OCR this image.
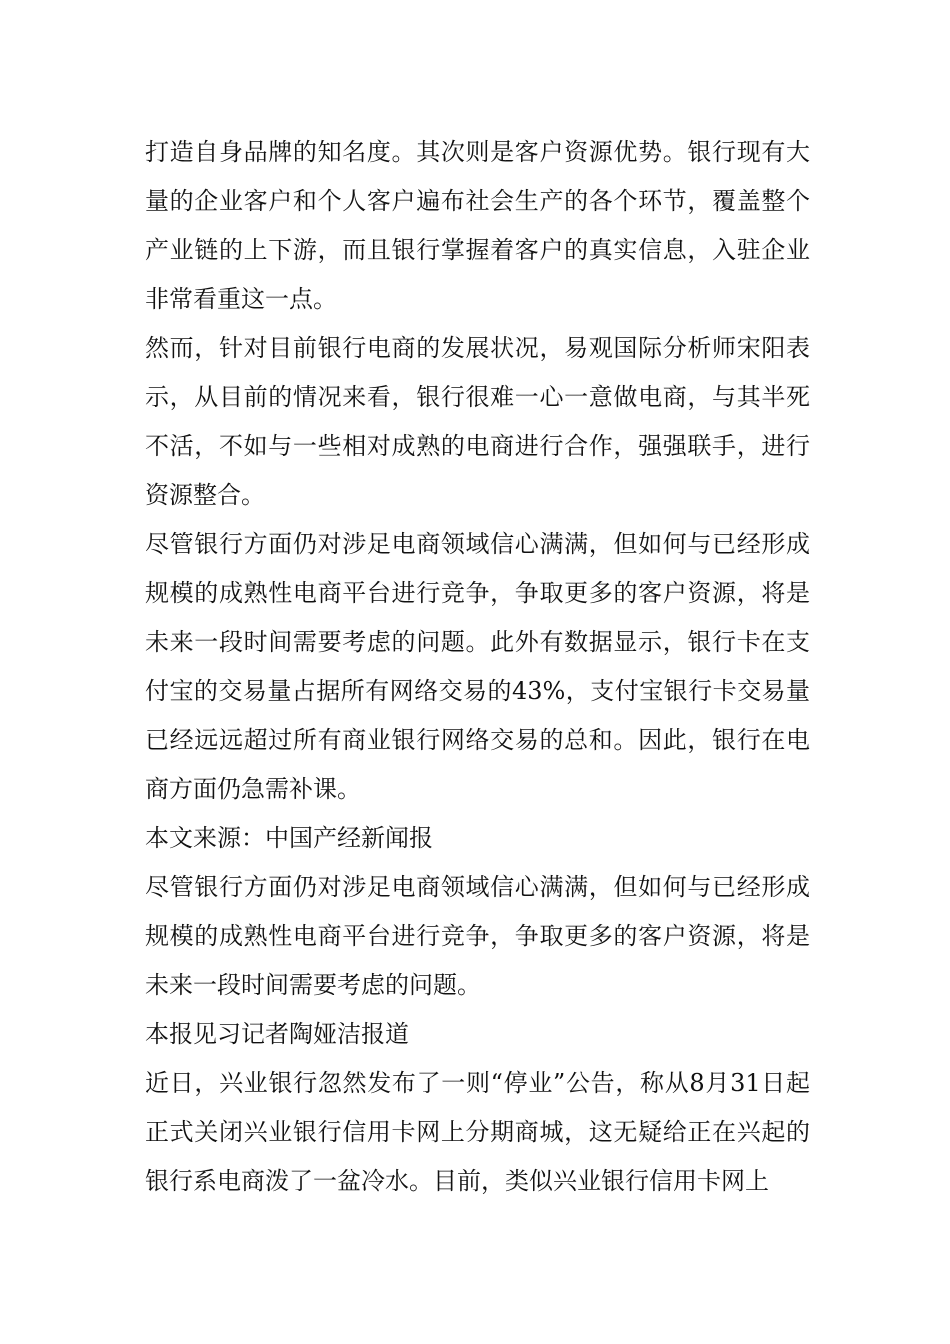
打造自身品牌的知名度。其次则是客户资源优势。银行现有大量的企业客户和个人客户遍布社会生产的各个环节，覆盖整个产业链的上下游，而且银行掌握着客户的真实信息，入驻企业非常看重这一点。

然而，针对目前银行电商的发展状况，易观国际分析师宋阳表示，从目前的情况来看，银行很难一心一意做电商，与其半死不活，不如与一些相对成熟的电商进行合作，强强联手，进行资源整合。

尽管银行方面仍对涉足电商领域信心满满，但如何与已经形成规模的成熟性电商平台进行竞争，争取更多的客户资源，将是未来一段时间需要考虑的问题。此外有数据显示，银行卡在支付宝的交易量占据所有网络交易的43%，支付宝银行卡交易量已经远远超过所有商业银行网络交易的总和。因此，银行在电商方面仍急需补课。

本文来源：中国产经新闻报

尽管银行方面仍对涉足电商领域信心满满，但如何与已经形成规模的成熟性电商平台进行竞争，争取更多的客户资源，将是未来一段时间需要考虑的问题。

本报见习记者陶娅洁报道

近日，兴业银行忽然发布了一则“停业”公告，称从8月31日起正式关闭兴业银行信用卡网上分期商城，这无疑给正在兴起的银行系电商泼了一盆冷水。目前，类似兴业银行信用卡网上
